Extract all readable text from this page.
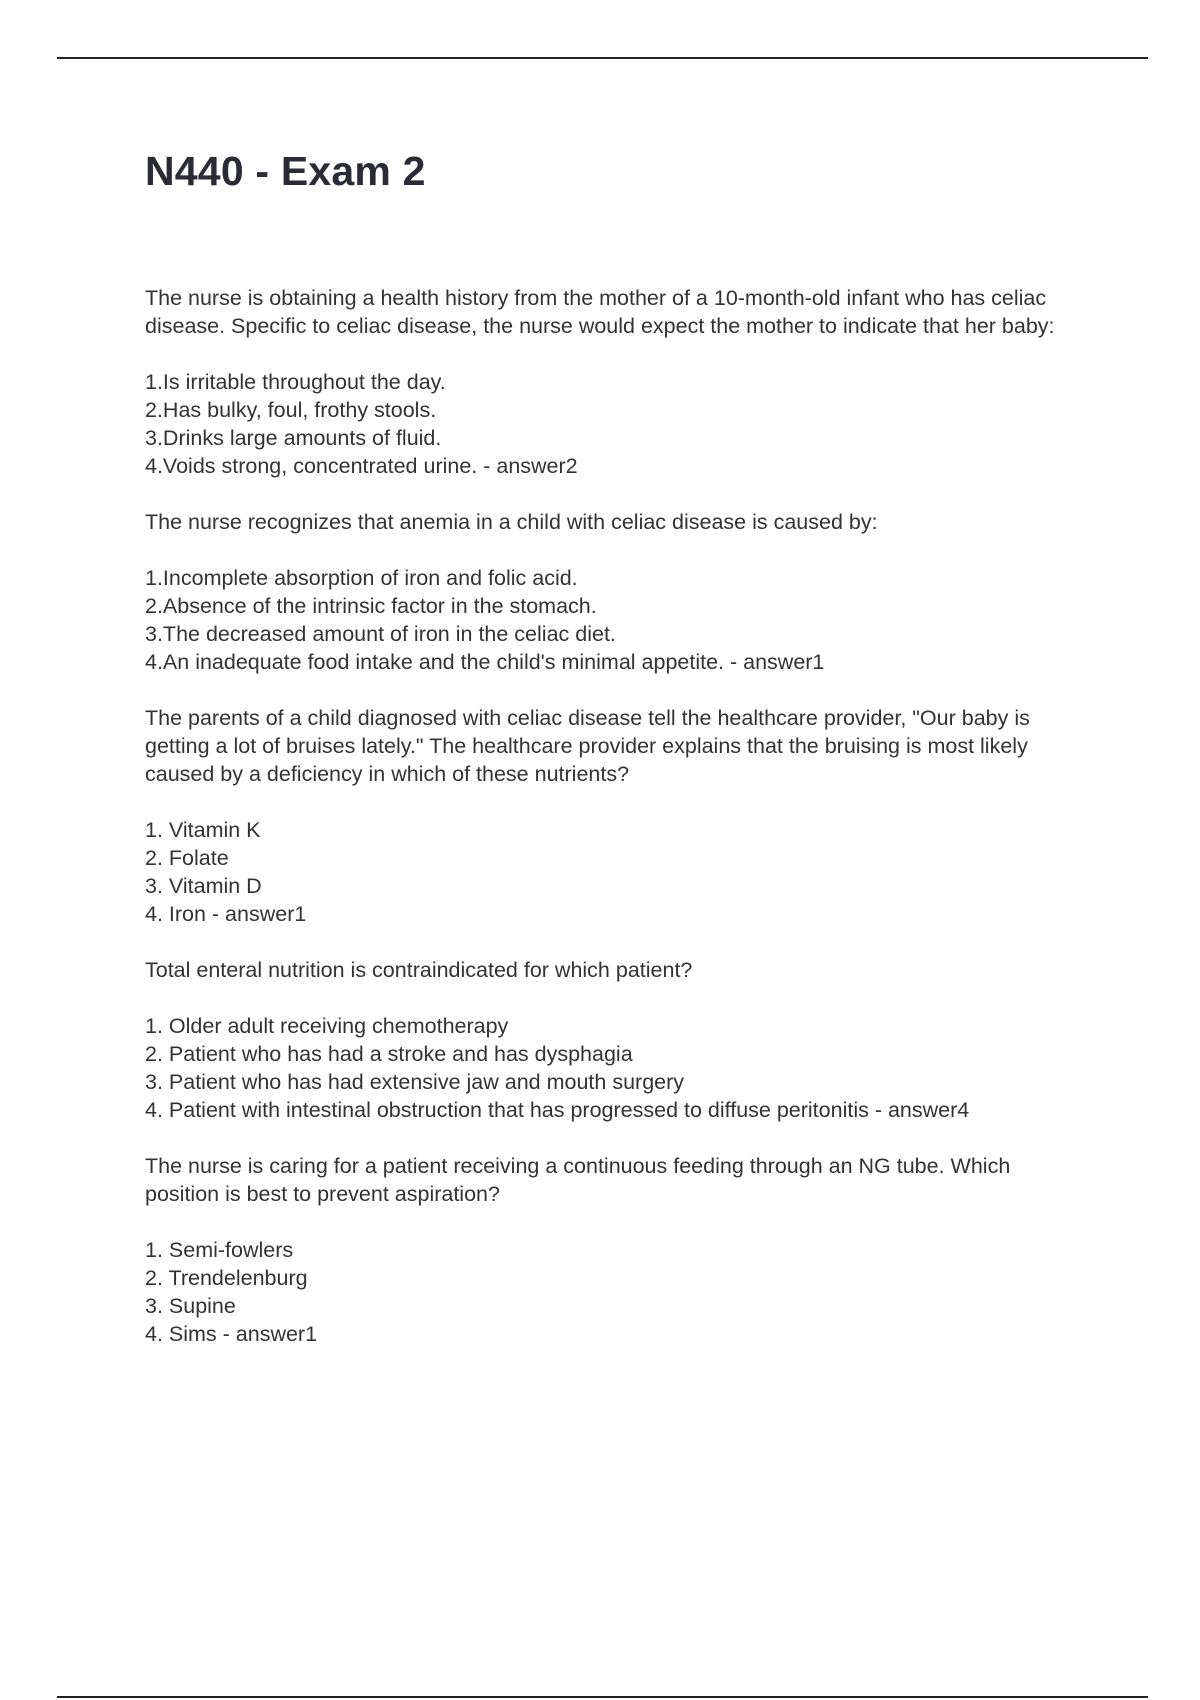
N440 - Exam 2
The nurse is obtaining a health history from the mother of a 10-month-old infant who has celiac disease. Specific to celiac disease, the nurse would expect the mother to indicate that her baby:
1.Is irritable throughout the day.
2.Has bulky, foul, frothy stools.
3.Drinks large amounts of fluid.
4.Voids strong, concentrated urine. - answer2
The nurse recognizes that anemia in a child with celiac disease is caused by:
1.Incomplete absorption of iron and folic acid.
2.Absence of the intrinsic factor in the stomach.
3.The decreased amount of iron in the celiac diet.
4.An inadequate food intake and the child's minimal appetite. - answer1
The parents of a child diagnosed with celiac disease tell the healthcare provider, "Our baby is getting a lot of bruises lately." The healthcare provider explains that the bruising is most likely caused by a deficiency in which of these nutrients?
1. Vitamin K
2. Folate
3. Vitamin D
4. Iron - answer1
Total enteral nutrition is contraindicated for which patient?
1. Older adult receiving chemotherapy
2. Patient who has had a stroke and has dysphagia
3. Patient who has had extensive jaw and mouth surgery
4. Patient with intestinal obstruction that has progressed to diffuse peritonitis - answer4
The nurse is caring for a patient receiving a continuous feeding through an NG tube. Which position is best to prevent aspiration?
1. Semi-fowlers
2. Trendelenburg
3. Supine
4. Sims - answer1
